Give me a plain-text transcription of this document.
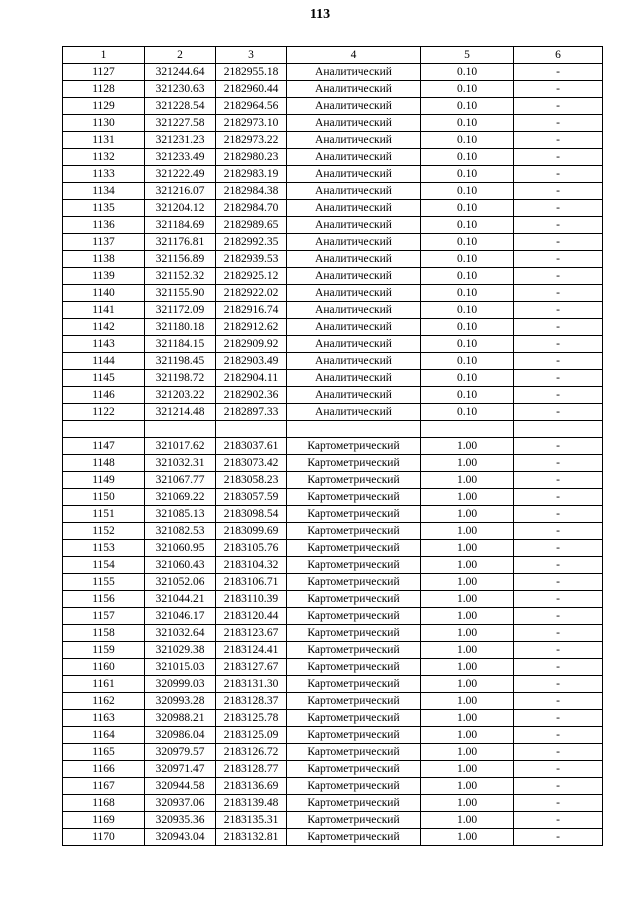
113
1	2	3	4	5	6
1127	321244.64	2182955.18	Аналитический	0.10	-
1128	321230.63	2182960.44	Аналитический	0.10	-
1129	321228.54	2182964.56	Аналитический	0.10	-
1130	321227.58	2182973.10	Аналитический	0.10	-
1131	321231.23	2182973.22	Аналитический	0.10	-
1132	321233.49	2182980.23	Аналитический	0.10	-
1133	321222.49	2182983.19	Аналитический	0.10	-
1134	321216.07	2182984.38	Аналитический	0.10	-
1135	321204.12	2182984.70	Аналитический	0.10	-
1136	321184.69	2182989.65	Аналитический	0.10	-
1137	321176.81	2182992.35	Аналитический	0.10	-
1138	321156.89	2182939.53	Аналитический	0.10	-
1139	321152.32	2182925.12	Аналитический	0.10	-
1140	321155.90	2182922.02	Аналитический	0.10	-
1141	321172.09	2182916.74	Аналитический	0.10	-
1142	321180.18	2182912.62	Аналитический	0.10	-
1143	321184.15	2182909.92	Аналитический	0.10	-
1144	321198.45	2182903.49	Аналитический	0.10	-
1145	321198.72	2182904.11	Аналитический	0.10	-
1146	321203.22	2182902.36	Аналитический	0.10	-
1122	321214.48	2182897.33	Аналитический	0.10	-

1147	321017.62	2183037.61	Картометрический	1.00	-
1148	321032.31	2183073.42	Картометрический	1.00	-
1149	321067.77	2183058.23	Картометрический	1.00	-
1150	321069.22	2183057.59	Картометрический	1.00	-
1151	321085.13	2183098.54	Картометрический	1.00	-
1152	321082.53	2183099.69	Картометрический	1.00	-
1153	321060.95	2183105.76	Картометрический	1.00	-
1154	321060.43	2183104.32	Картометрический	1.00	-
1155	321052.06	2183106.71	Картометрический	1.00	-
1156	321044.21	2183110.39	Картометрический	1.00	-
1157	321046.17	2183120.44	Картометрический	1.00	-
1158	321032.64	2183123.67	Картометрический	1.00	-
1159	321029.38	2183124.41	Картометрический	1.00	-
1160	321015.03	2183127.67	Картометрический	1.00	-
1161	320999.03	2183131.30	Картометрический	1.00	-
1162	320993.28	2183128.37	Картометрический	1.00	-
1163	320988.21	2183125.78	Картометрический	1.00	-
1164	320986.04	2183125.09	Картометрический	1.00	-
1165	320979.57	2183126.72	Картометрический	1.00	-
1166	320971.47	2183128.77	Картометрический	1.00	-
1167	320944.58	2183136.69	Картометрический	1.00	-
1168	320937.06	2183139.48	Картометрический	1.00	-
1169	320935.36	2183135.31	Картометрический	1.00	-
1170	320943.04	2183132.81	Картометрический	1.00	-
